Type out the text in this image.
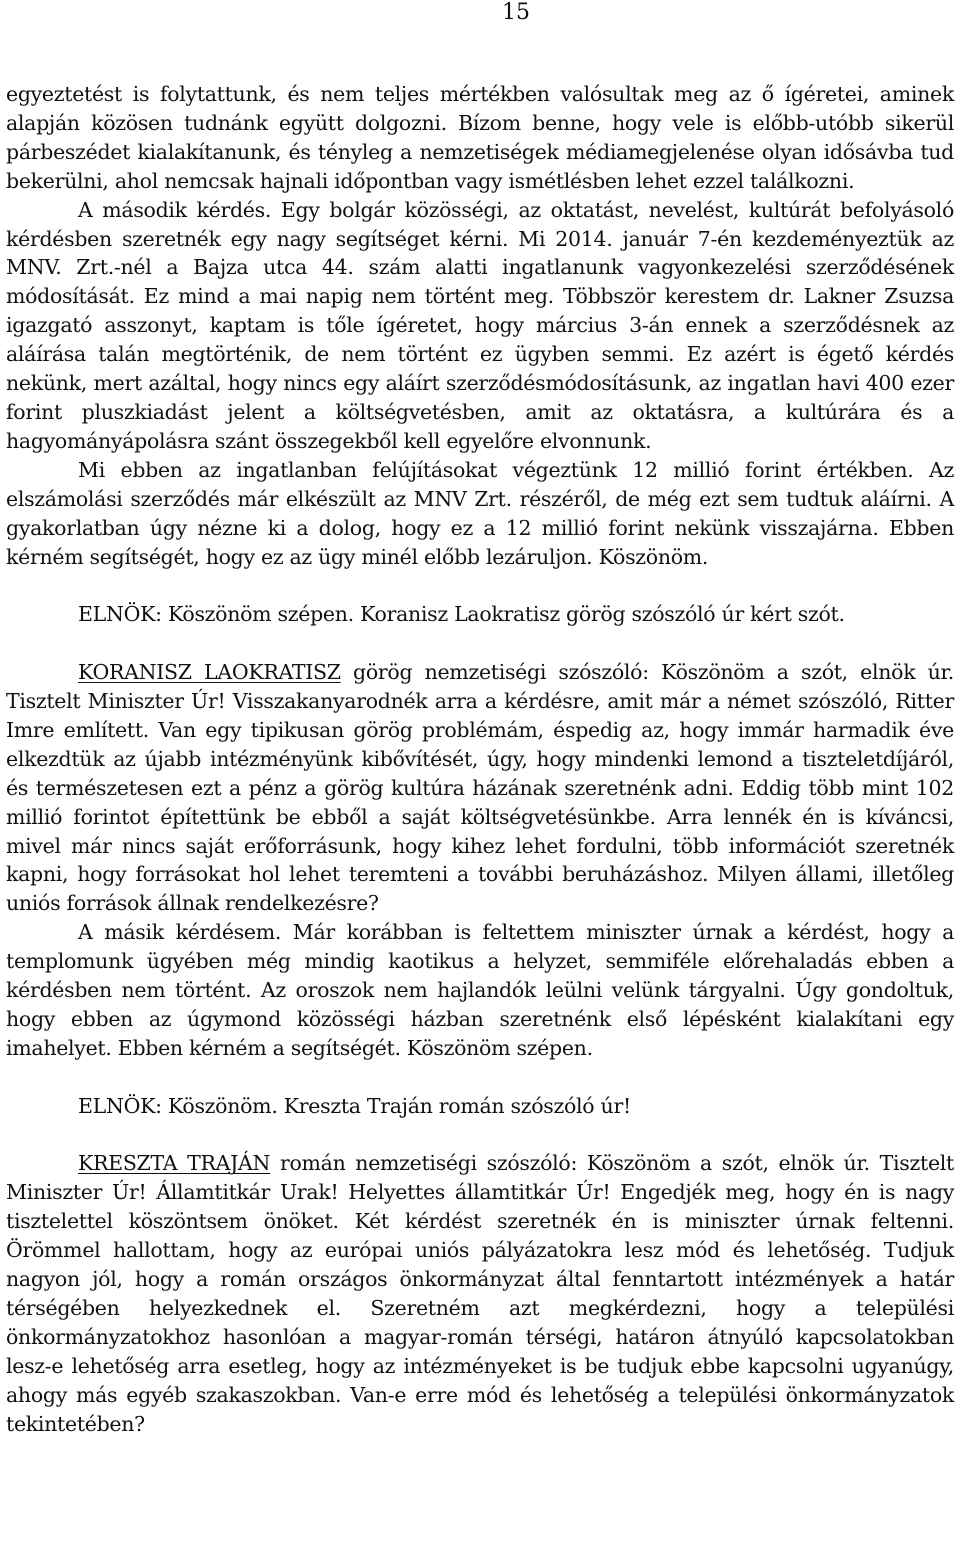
15

egyeztetést is folytattunk, és nem teljes mértékben valósultak meg az ő ígéretei, aminek alapján közösen tudnánk együtt dolgozni. Bízom benne, hogy vele is előbb-utóbb sikerül párbeszédet kialakítanunk, és tényleg a nemzetiségek médiamegjelenése olyan idősávba tud bekerülni, ahol nemcsak hajnali időpontban vagy ismétlésben lehet ezzel találkozni.

A második kérdés. Egy bolgár közösségi, az oktatást, nevelést, kultúrát befolyásoló kérdésben szeretnék egy nagy segítséget kérni. Mi 2014. január 7-én kezdeményeztük az MNV. Zrt.-nél a Bajza utca 44. szám alatti ingatlanunk vagyonkezelési szerződésének módosítását. Ez mind a mai napig nem történt meg. Többször kerestem dr. Lakner Zsuzsa igazgató asszonyt, kaptam is tőle ígéretet, hogy március 3-án ennek a szerződésnek az aláírása talán megtörténik, de nem történt ez ügyben semmi. Ez azért is égető kérdés nekünk, mert azáltal, hogy nincs egy aláírt szerződésmódosításunk, az ingatlan havi 400 ezer forint pluszkiadást jelent a költségvetésben, amit az oktatásra, a kultúrára és a hagyományápolásra szánt összegekből kell egyelőre elvonnunk.

Mi ebben az ingatlanban felújításokat végeztünk 12 millió forint értékben. Az elszámolási szerződés már elkészült az MNV Zrt. részéről, de még ezt sem tudtuk aláírni. A gyakorlatban úgy nézne ki a dolog, hogy ez a 12 millió forint nekünk visszajárna. Ebben kérném segítségét, hogy ez az ügy minél előbb lezáruljon. Köszönöm.

ELNÖK: Köszönöm szépen. Koranisz Laokratisz görög szószóló úr kért szót.

KORANISZ LAOKRATISZ görög nemzetiségi szószóló: Köszönöm a szót, elnök úr. Tisztelt Miniszter Úr! Visszakanyarodnék arra a kérdésre, amit már a német szószóló, Ritter Imre említett. Van egy tipikusan görög problémám, éspedig az, hogy immár harmadik éve elkezdtük az újabb intézményünk kibővítését, úgy, hogy mindenki lemond a tiszteletdíjáról, és természetesen ezt a pénz a görög kultúra házának szeretnénk adni. Eddig több mint 102 millió forintot építettünk be ebből a saját költségvetésünkbe. Arra lennék én is kíváncsi, mivel már nincs saját erőforrásunk, hogy kihez lehet fordulni, több információt szeretnék kapni, hogy forrásokat hol lehet teremteni a további beruházáshoz. Milyen állami, illetőleg uniós források állnak rendelkezésre?

A másik kérdésem. Már korábban is feltettem miniszter úrnak a kérdést, hogy a templomunk ügyében még mindig kaotikus a helyzet, semmiféle előrehaladás ebben a kérdésben nem történt. Az oroszok nem hajlandók leülni velünk tárgyalni. Úgy gondoltuk, hogy ebben az úgymond közösségi házban szeretnénk első lépésként kialakítani egy imahelyet. Ebben kérném a segítségét. Köszönöm szépen.

ELNÖK: Köszönöm. Kreszta Traján román szószóló úr!

KRESZTA TRAJÁN román nemzetiségi szószóló: Köszönöm a szót, elnök úr. Tisztelt Miniszter Úr! Államtitkár Urak! Helyettes államtitkár Úr! Engedjék meg, hogy én is nagy tisztelettel köszöntsem önöket. Két kérdést szeretnék én is miniszter úrnak feltenni. Örömmel hallottam, hogy az európai uniós pályázatokra lesz mód és lehetőség. Tudjuk nagyon jól, hogy a román országos önkormányzat által fenntartott intézmények a határ térségében helyezkednek el. Szeretném azt megkérdezni, hogy a települési önkormányzatokhoz hasonlóan a magyar-román térségi, határon átnyúló kapcsolatokban lesz-e lehetőség arra esetleg, hogy az intézményeket is be tudjuk ebbe kapcsolni ugyanúgy, ahogy más egyéb szakaszokban. Van-e erre mód és lehetőség a települési önkormányzatok tekintetében?
